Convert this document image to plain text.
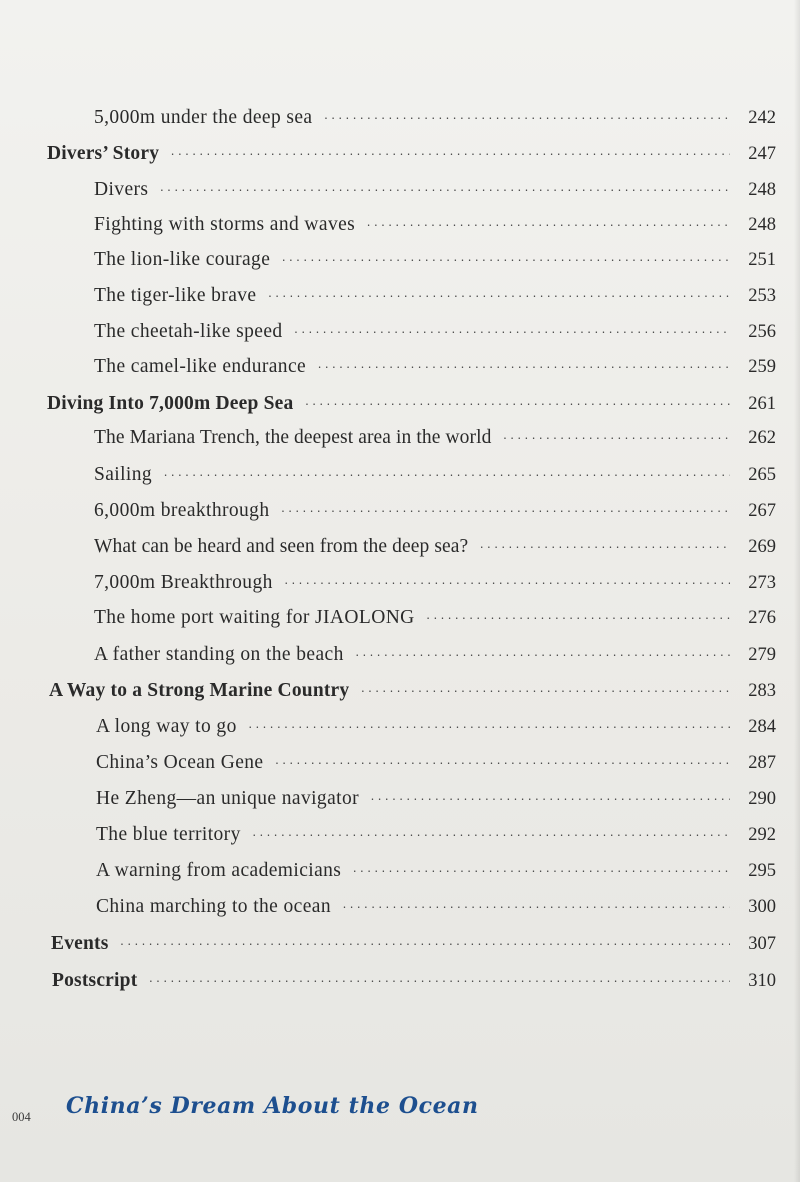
5,000m under the deep sea •••••	242
Divers’ Story •••••	247
Divers •••••	248
Fighting with storms and waves •••••	248
The lion-like courage •••••	251
The tiger-like brave •••••	253
The cheetah-like speed •••••	256
The camel-like endurance •••••	259
Diving Into 7,000m Deep Sea •••••	261
The Mariana Trench, the deepest area in the world •••••	262
Sailing •••••	265
6,000m breakthrough •••••	267
What can be heard and seen from the deep sea? •••••	269
7,000m Breakthrough •••••	273
The home port waiting for JIAOLONG •••••	276
A father standing on the beach •••••	279
A Way to a Strong Marine Country •••••	283
A long way to go •••••	284
China’s Ocean Gene •••••	287
He Zheng—an unique navigator •••••	290
The blue territory •••••	292
A warning from academicians •••••	295
China marching to the ocean •••••	300
Events •••••	307
Postscript •••••	310
004 China’s Dream About the Ocean
